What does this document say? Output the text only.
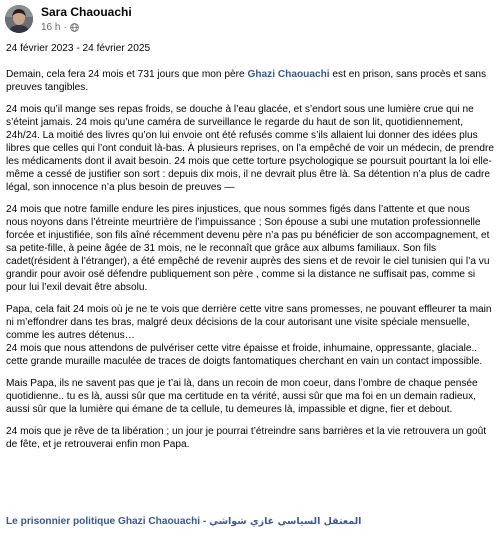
Sara Chaouachi
16 h ·

24 février 2023 - 24 février 2025

Demain, cela fera 24 mois et 731 jours que mon père Ghazi Chaouachi est en prison, sans procès et sans preuves tangibles.

24 mois qu’il mange ses repas froids, se douche à l’eau glacée, et s’endort sous une lumière crue qui ne s’éteint jamais. 24 mois qu’une caméra de surveillance le regarde du haut de son lit, quotidiennement, 24h/24. La moitié des livres qu’on lui envoie ont été refusés comme s’ils allaient lui donner des idées plus libres que celles qui l’ont conduit là-bas. À plusieurs reprises, on l’a empêché de voir un médecin, de prendre les médicaments dont il avait besoin. 24 mois que cette torture psychologique se poursuit pourtant la loi elle-même a cessé de justifier son sort : depuis dix mois, il ne devrait plus être là. Sa détention n’a plus de cadre légal, son innocence n’a plus besoin de preuves —

24 mois que notre famille endure les pires injustices, que nous sommes figés dans l’attente et que nous nous noyons dans l’étreinte meurtrière de l’impuissance ; Son épouse a subi une mutation professionnelle forcée et injustifiée, son fils aîné récemment devenu père n’a pas pu bénéficier de son accompagnement, et sa petite-fille, à peine âgée de 31 mois, ne le reconnaît que grâce aux albums familiaux. Son fils cadet(résident à l’étranger), a été empêché de revenir auprès des siens et de revoir le ciel tunisien qui l’a vu grandir pour avoir osé défendre publiquement son père , comme si la distance ne suffisait pas, comme si pour lui l’exil devait être absolu.

Papa, cela fait 24 mois où je ne te vois que derrière cette vitre sans promesses, ne pouvant effleurer ta main ni m’effondrer dans tes bras, malgré deux décisions de la cour autorisant une visite spéciale mensuelle, comme les autres détenus…

24 mois que nous attendons de pulvériser cette vitre épaisse et froide, inhumaine, oppressante, glaciale.. cette grande muraille maculée de traces de doigts fantomatiques cherchant en vain un contact impossible.

Mais Papa, ils ne savent pas que je t’ai là, dans un recoin de mon coeur, dans l’ombre de chaque pensée quotidienne.. tu es là, aussi sûr que ma certitude en ta vérité, aussi sûr que ma foi en un demain radieux, aussi sûr que la lumière qui émane de ta cellule, tu demeures là, impassible et digne, fier et debout.

24 mois que je rêve de ta libération ; un jour je pourrai t’étreindre sans barrières et la vie retrouvera un goût de fête, et je retrouverai enfin mon Papa.

Le prisonnier politique Ghazi Chaouachi - المعتقل السياسي غازي شواشي
